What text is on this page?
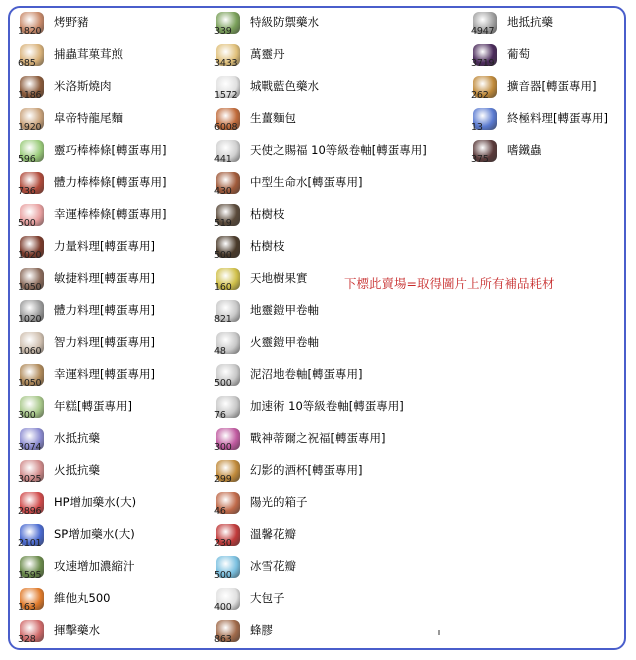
1820
烤野豬
685
捕蟲茸菓茸煎
1186
米洛斯燒肉
1920
皐帝特龍尾麵
596
靈巧棒棒條[轉蛋專用]
736
體力棒棒條[轉蛋專用]
500
幸運棒棒條[轉蛋專用]
1020
力量料理[轉蛋專用]
1050
敏捷料理[轉蛋專用]
1020
體力料理[轉蛋專用]
1060
智力料理[轉蛋專用]
1050
幸運料理[轉蛋專用]
300
年糕[轉蛋專用]
3074
水抵抗藥
3025
火抵抗藥
2896
HP增加藥水(大)
2101
SP增加藥水(大)
1595
攻速增加濃縮汁
163
維他丸500
328
揮擊藥水
339
特級防禦藥水
3433
萬靈丹
1572
城戰藍色藥水
6008
生薑麵包
441
天使之賜福 10等級卷軸[轉蛋專用]
430
中型生命水[轉蛋專用]
519
枯樹枝
500
枯樹枝
160
天地樹果實
821
地靈鎧甲卷軸
48
火靈鎧甲卷軸
500
泥沼地卷軸[轉蛋專用]
76
加速術 10等級卷軸[轉蛋專用]
300
戰神蒂爾之祝福[轉蛋專用]
299
幻影的酒杯[轉蛋專用]
46
陽光的箱子
230
溫馨花瓣
500
冰雪花瓣
400
大包子
863
蜂膠
4947
地抵抗藥
3719
葡萄
262
擴音器[轉蛋專用]
13
終極料理[轉蛋專用]
375
嗜鐵蟲
下標此賣場=取得圖片上所有補品耗材
